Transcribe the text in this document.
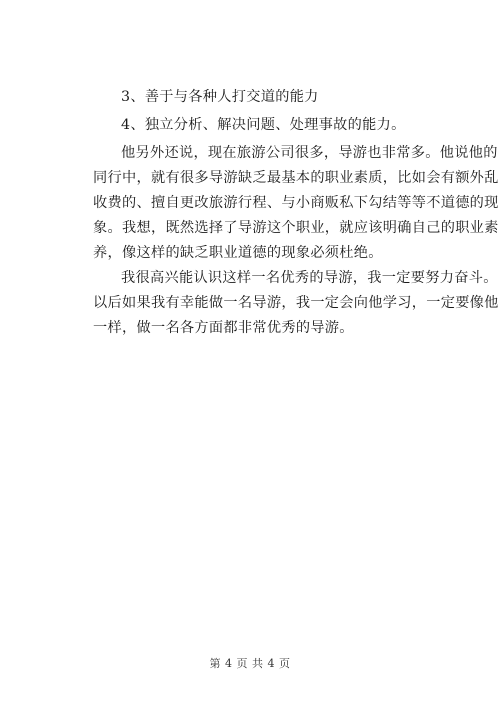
3、善于与各种人打交道的能力
4、独立分析、解决问题、处理事故的能力。
他另外还说，现在旅游公司很多，导游也非常多。他说他的
同行中，就有很多导游缺乏最基本的职业素质，比如会有额外乱
收费的、擅自更改旅游行程、与小商贩私下勾结等等不道德的现
象。我想，既然选择了导游这个职业，就应该明确自己的职业素
养，像这样的缺乏职业道德的现象必须杜绝。
我很高兴能认识这样一名优秀的导游，我一定要努力奋斗。
以后如果我有幸能做一名导游，我一定会向他学习，一定要像他
一样，做一名各方面都非常优秀的导游。
第 4 页 共 4 页
